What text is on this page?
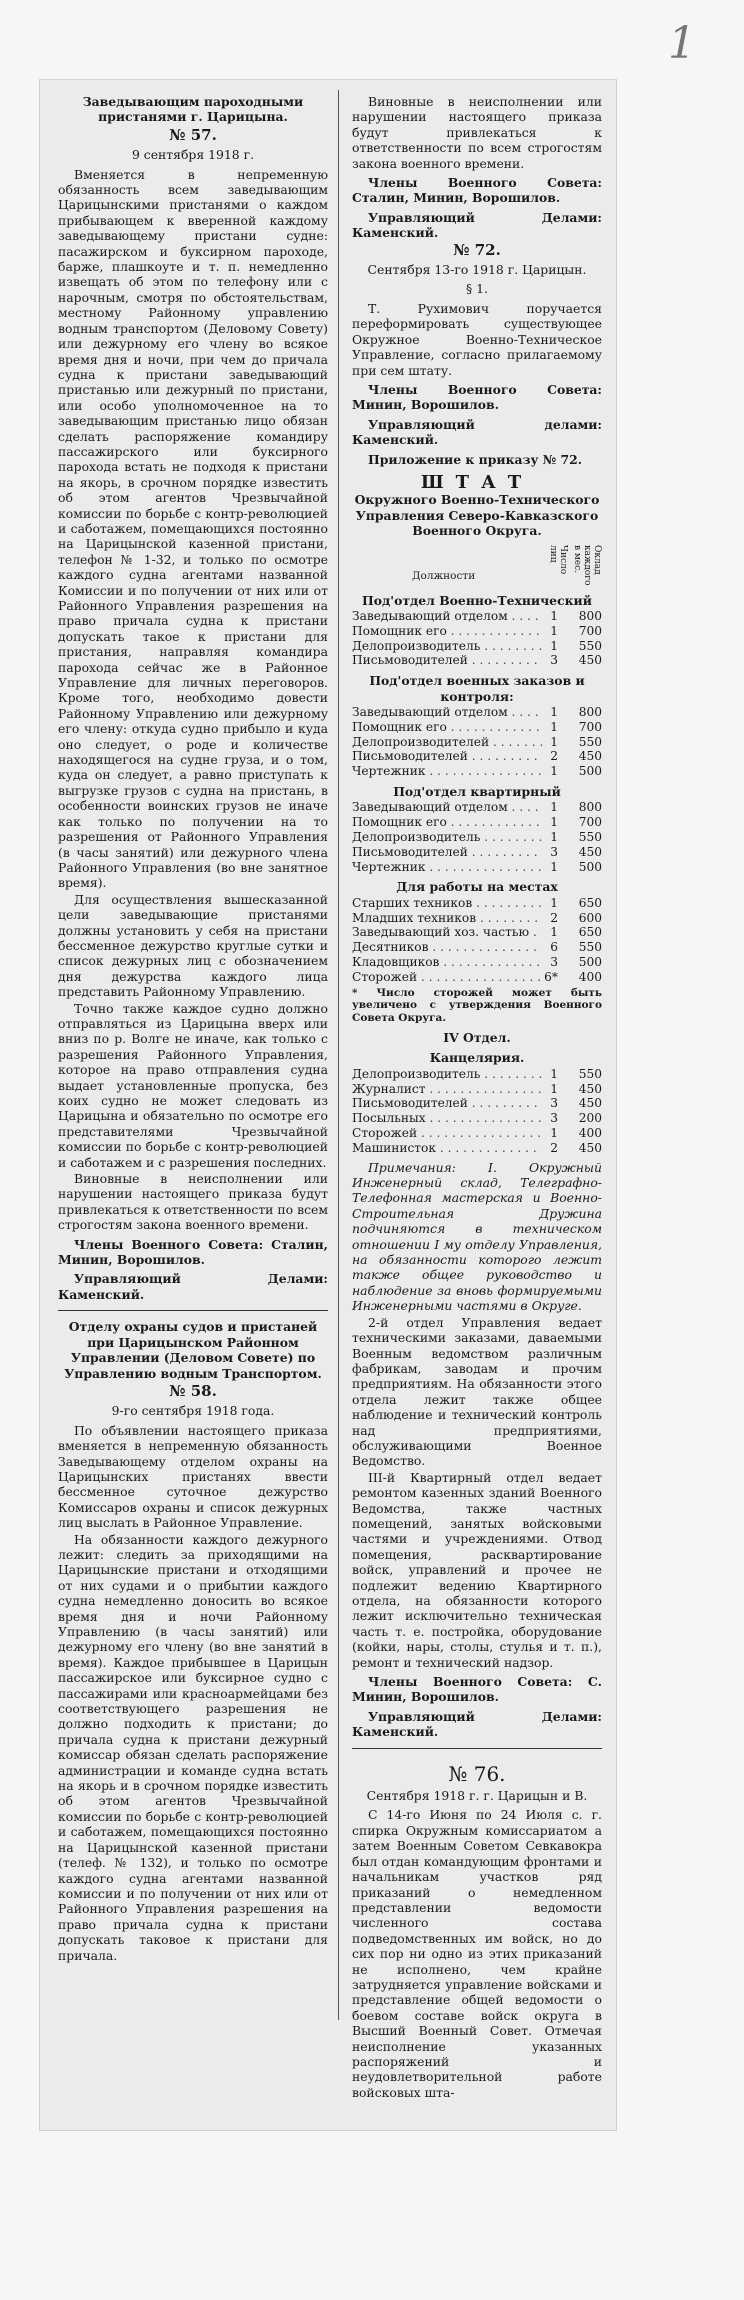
1
Заведывающим пароходными пристанями г. Царицына.
№ 57.
9 сентября 1918 г.

Вменяется в непременную обязанность всем заведывающим Царицынскими пристанями о каждом прибывающем к вверенной каждому заведывающему пристани судне: пасажирском и буксирном пароходе, барже, плашкоуте и т. п. немедленно извещать об этом по телефону или с нарочным, смотря по обстоятельствам, местному Районному управлению водным транспортом (Деловому Совету) или дежурному его члену во всякое время дня и ночи, при чем до причала судна к пристани заведывающий пристанью или дежурный по пристани, или особо уполномоченное на то заведывающим пристанью лицо обязан сделать распоряжение командиру пассажирского или буксирного парохода встать не подходя к пристани на якорь, в срочном порядке известить об этом агентов Чрезвычайной комиссии по борьбе с контр-революцией и саботажем, помещающихся постоянно на Царицынской казенной пристани, телефон № 1-32, и только по осмотре каждого судна агентами названной Комиссии и по получении от них или от Районного Управления разрешения на право причала судна к пристани допускать такое к пристани для пристания, направляя командира парохода сейчас же в Районное Управление для личных переговоров. Кроме того, необходимо довести Районному Управлению или дежурному его члену: откуда судно прибыло и куда оно следует, о роде и количестве находящегося на судне груза, и о том, куда он следует, а равно приступать к выгрузке грузов с судна на пристань, в особенности воинских грузов не иначе как только по получении на то разрешения от Районного Управления (в часы занятий) или дежурного члена Районного Управления (во вне занятное время).

Для осуществления вышесказанной цели заведывающие пристанями должны установить у себя на пристани бессменное дежурство круглые сутки и список дежурных лиц с обозначением дня дежурства каждого лица представить Районному Управлению.

Точно также каждое судно должно отправляться из Царицына вверх или вниз по р. Волге не иначе, как только с разрешения Районного Управления, которое на право отправления судна выдает установленные пропуска, без коих судно не может следовать из Царицына и обязательно по осмотре его представителями Чрезвычайной комиссии по борьбе с контр-революцией и саботажем и с разрешения последних.

Виновные в неисполнении или нарушении настоящего приказа будут привлекаться к ответственности по всем строгостям закона военного времени.

Члены Военного Совета: Сталин, Минин, Ворошилов.
Управляющий Делами: Каменский.
Отделу охраны судов и пристаней при Царицынском Районном Управлении (Деловом Совете) по Управлению водным Транспортом.
№ 58.
9-го сентября 1918 года.

По объявлении настоящего приказа вменяется в непременную обязанность Заведывающему отделом охраны на Царицынских пристанях ввести бессменное суточное дежурство Комиссаров охраны и список дежурных лиц выслать в Районное Управление.

На обязанности каждого дежурного лежит: следить за приходящими на Царицынские пристани и отходящими от них судами и о прибытии каждого судна немедленно доносить во всякое время дня и ночи Районному Управлению (в часы занятий) или дежурному его члену (во вне занятий в время). Каждое прибывшее в Царицын пассажирское или буксирное судно с пассажирами или красноармейцами без соответствующего разрешения не должно подходить к пристани; до причала судна к пристани дежурный комиссар обязан сделать распоряжение администрации и команде судна встать на якорь и в срочном порядке известить об этом агентов Чрезвычайной комиссии по борьбе с контр-революцией и саботажем, помещающихся постоянно на Царицынской казенной пристани (телеф. № 132), и только по осмотре каждого судна агентами названной комиссии и по получении от них или от Районного Управления разрешения на право причала судна к пристани допускать таковое к пристани для причала.

Виновные в неисполнении или нарушении настоящего приказа будут привлекаться к ответственности по всем строгостям закона военного времени.

Члены Военного Совета: Сталин, Минин, Ворошилов.
Управляющий Делами: Каменский.
№ 72.
Сентября 13-го 1918 г. Царицын.
§ 1.

Т. Рухимович поручается переформировать существующее Окружное Военно-Техническое Управление, согласно прилагаемому при сем штату.

Члены Военного Совета: Минин, Ворошилов.
Управляющий делами: Каменский.
Приложение к приказу № 72.
ШТАТ
Окружного Военно-Технического Управления Северо-Кавказского Военного Округа.
Должности
Число лиц	Оклад каждого в мес.
Под'отдел Военно-Технический
Заведывающий отделом . . .	1	800
Помощник его . . .	1	700
Делопроизводитель . . .	1	550
Письмоводителей . . .	3	450
Под'отдел военных заказов и контроля:
Заведывающий отделом . . .	1	800
Помощник его . . .	1	700
Делопроизводителей . . .	1	550
Письмоводителей . . .	2	450
Чертежник . . .	1	500
Под'отдел квартирный
Заведывающий отделом . . .	1	800
Помощник его . . .	1	700
Делопроизводитель . . .	1	550
Письмоводителей . . .	3	450
Чертежник . . .	1	500
Для работы на местах
Старших техников . . .	1	650
Младших техников . . .	2	600
Заведывающий хоз. частью . . .	1	650
Десятников . . .	6	550
Кладовщиков . . .	3	500
Сторожей . . .	6*	400
* Число сторожей может быть увеличено с утверждения Военного Совета Округа.
IV Отдел.
Канцелярия.
Делопроизводитель . . .	1	550
Журналист . . .	1	450
Письмоводителей . . .	3	450
Посыльных . . .	3	200
Сторожей . . .	1	400
Машинисток . . .	2	450

Примечания: I. Окружный Инженерный склад, Телеграфно-Телефонная мастерская и Военно-Строительная Дружина подчиняются в техническом отношении I му отделу Управления, на обязанности которого лежит также общее руководство и наблюдение за вновь формируемыми Инженерными частями в Округе.

2-й отдел Управления ведает техническими заказами, даваемыми Военным ведомством различным фабрикам, заводам и прочим предприятиям. На обязанности этого отдела лежит также общее наблюдение и технический контроль над предприятиями, обслуживающими Военное Ведомство.

III-й Квартирный отдел ведает ремонтом казенных зданий Военного Ведомства, также частных помещений, занятых войсковыми частями и учреждениями. Отвод помещения, расквартирование войск, управлений и прочее не подлежит ведению Квартирного отдела, на обязанности которого лежит исключительно техническая часть т. е. постройка, оборудование (койки, нары, столы, стулья и т. п.), ремонт и технический надзор.

Члены Военного Совета: С. Минин, Ворошилов.
Управляющий Делами: Каменский.
№ 76.
Сентября 1918 г. г. Царицын и В.

С 14-го Июня по 24 Июля с. г. спирка Окружным комиссариатом а затем Военным Советом Севкавокра был отдан командующим фронтами и начальникам участков ряд приказаний о немедленном представлении ведомости численного состава подведомственных им войск, но до сих пор ни одно из этих приказаний не исполнено, чем крайне затрудняется управление войсками и представление общей ведомости о боевом составе войск округа в Высший Военный Совет. Отмечая неисполнение указанных распоряжений и неудовлетворительной работе войсковых шта-
